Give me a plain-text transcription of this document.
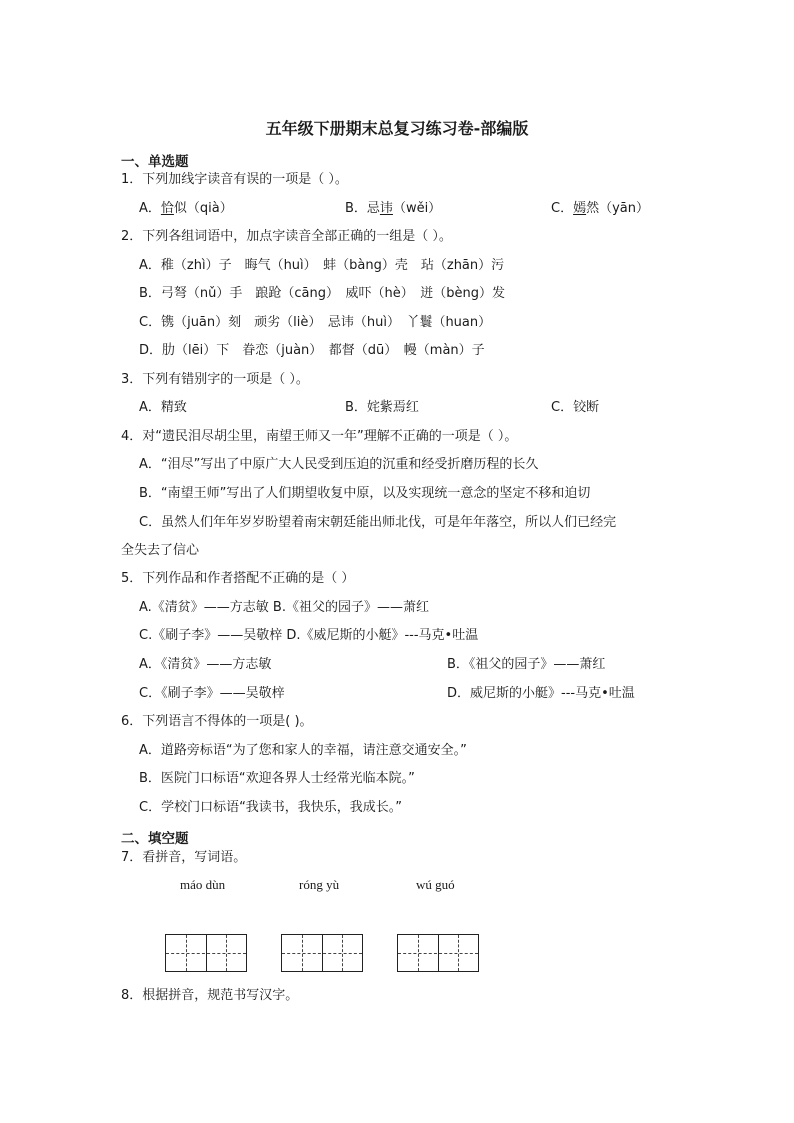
五年级下册期末总复习练习卷-部编版
一、单选题
1．下列加线字读音有误的一项是（ ）。
A．恰似（qià）	B．忌讳（wěi）	C．嫣然（yān）
2．下列各组词语中，加点字读音全部正确的一组是（ ）。
A．稚（zhì）子　晦气（huì）　蚌（bàng）壳　玷（zhān）污
B．弓弩（nǔ）手　踉跄（cāng）　威吓（hè）　迸（bèng）发
C．镌（juān）刻　顽劣（liè）　忌讳（huì）　丫鬟（huan）
D．肋（lēi）下　眷恋（juàn）　都督（dū）　幔（màn）子
3．下列有错别字的一项是（ ）。
A．精致	B．姹紫焉红	C．铰断
4．对“遗民泪尽胡尘里，南望王师又一年”理解不正确的一项是（ ）。
A．“泪尽”写出了中原广大人民受到压迫的沉重和经受折磨历程的长久
B．“南望王师”写出了人们期望收复中原，以及实现统一意念的坚定不移和迫切
C．虽然人们年年岁岁盼望着南宋朝廷能出师北伐，可是年年落空，所以人们已经完
全失去了信心
5．下列作品和作者搭配不正确的是（ ）
A.《清贫》——方志敏 B.《祖父的园子》——萧红
C.《刷子李》——吴敬梓 D.《威尼斯的小艇》---马克•吐温
A．《清贫》——方志敏	B．《祖父的园子》——萧红
C．《刷子李》——吴敬梓	D．威尼斯的小艇》---马克•吐温
6．下列语言不得体的一项是( )。
A．道路旁标语“为了您和家人的幸福，请注意交通安全。”
B．医院门口标语“欢迎各界人士经常光临本院。”
C．学校门口标语“我读书，我快乐，我成长。”
二、填空题
7．看拼音，写词语。
máo dùn	róng yù	wú guó
8．根据拼音，规范书写汉字。
